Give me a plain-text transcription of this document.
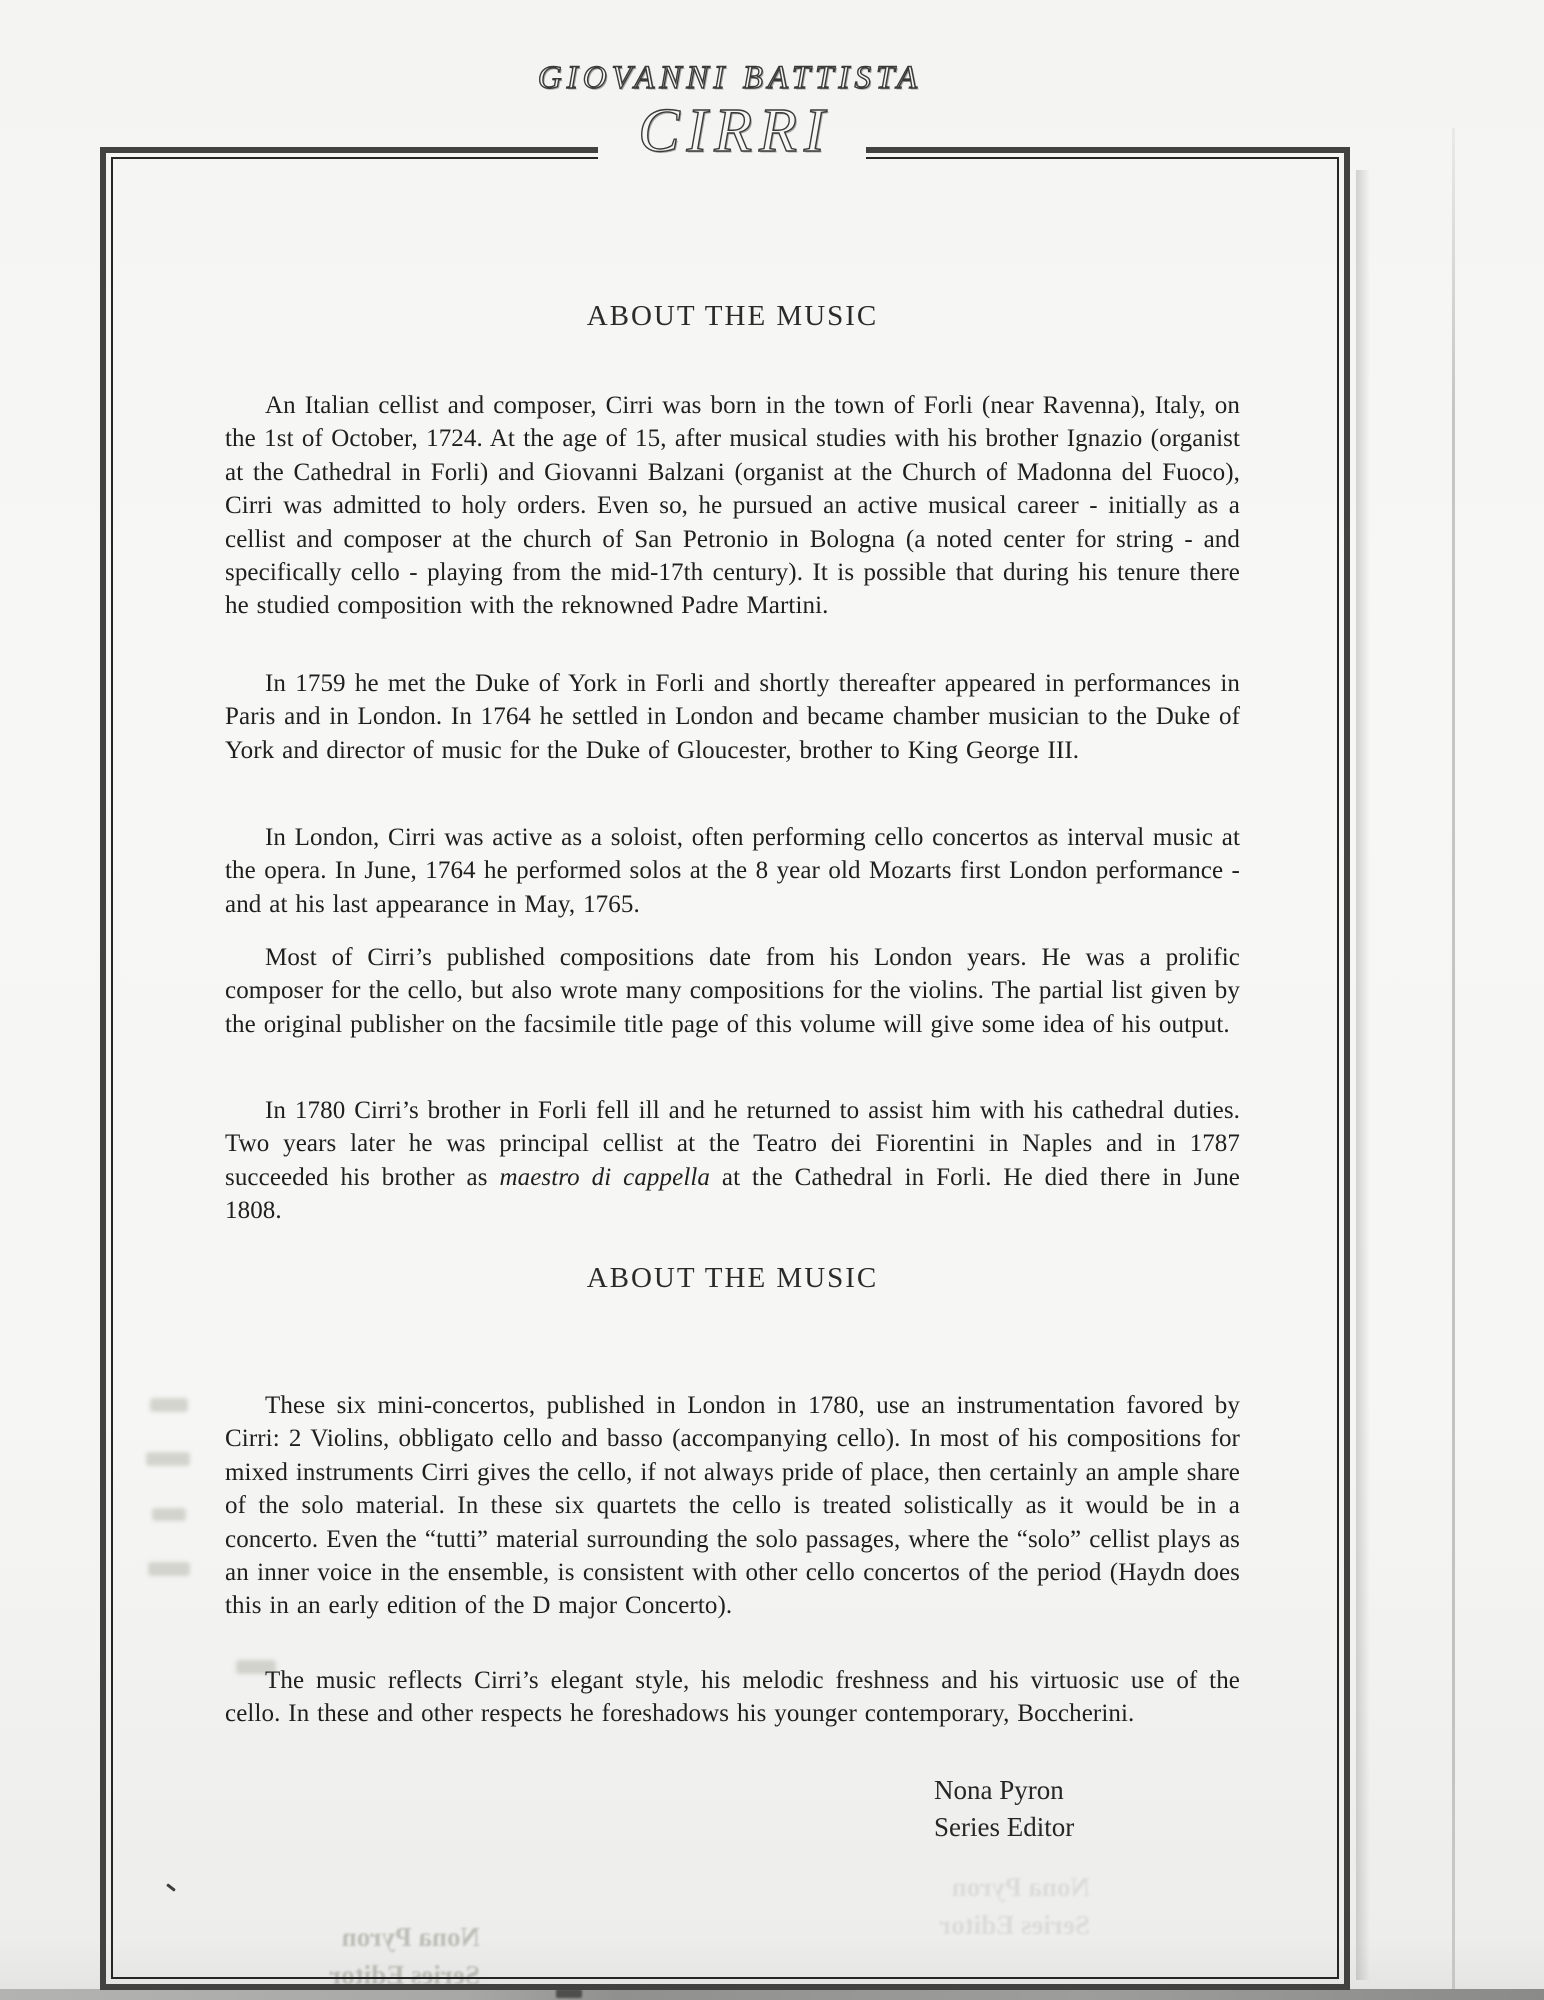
Nona Pyron
Series Editor
Nona Pyron
Series Editor
GIOVANNI BATTISTA
CIRRI
ABOUT THE MUSIC

An Italian cellist and composer, Cirri was born in the town of Forli (near Ravenna), Italy, on the 1st of October, 1724. At the age of 15, after musical studies with his brother Ignazio (organist at the Cathedral in Forli) and Giovanni Balzani (organist at the Church of Madonna del Fuoco), Cirri was admitted to holy orders. Even so, he pursued an active musical career - initially as a cellist and composer at the church of San Petronio in Bologna (a noted center for string - and specifically cello - playing from the mid-17th century). It is possible that during his tenure there he studied composition with the reknowned Padre Martini.

In 1759 he met the Duke of York in Forli and shortly thereafter appeared in performances in Paris and in London. In 1764 he settled in London and became chamber musician to the Duke of York and director of music for the Duke of Gloucester, brother to King George III.

In London, Cirri was active as a soloist, often performing cello concertos as interval music at the opera. In June, 1764 he performed solos at the 8 year old Mozarts first London performance - and at his last appearance in May, 1765.

Most of Cirri’s published compositions date from his London years. He was a prolific composer for the cello, but also wrote many compositions for the violins. The partial list given by the original publisher on the facsimile title page of this volume will give some idea of his output.

In 1780 Cirri’s brother in Forli fell ill and he returned to assist him with his cathedral duties. Two years later he was principal cellist at the Teatro dei Fiorentini in Naples and in 1787 succeeded his brother as maestro di cappella at the Cathedral in Forli. He died there in June 1808.

ABOUT THE MUSIC

These six mini-concertos, published in London in 1780, use an instrumentation favored by Cirri: 2 Violins, obbligato cello and basso (accompanying cello). In most of his compositions for mixed instruments Cirri gives the cello, if not always pride of place, then certainly an ample share of the solo material. In these six quartets the cello is treated solistically as it would be in a concerto. Even the “tutti” material surrounding the solo passages, where the “solo” cellist plays as an inner voice in the ensemble, is consistent with other cello concertos of the period (Haydn does this in an early edition of the D major Concerto).

The music reflects Cirri’s elegant style, his melodic freshness and his virtuosic use of the cello. In these and other respects he foreshadows his younger contemporary, Boccherini.

Nona Pyron
Series Editor
